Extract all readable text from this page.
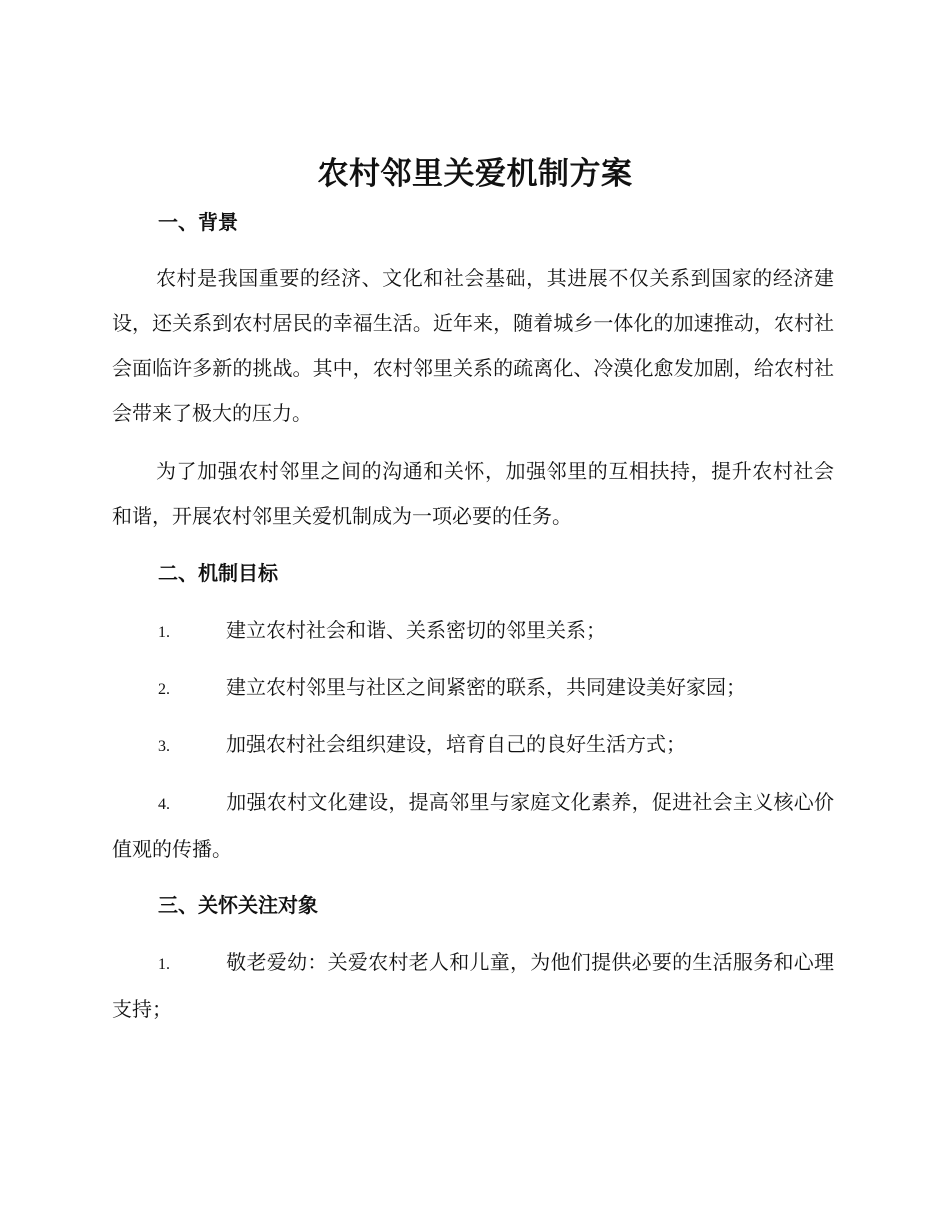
农村邻里关爱机制方案
一、背景
农村是我国重要的经济、文化和社会基础，其进展不仅关系到国家的经济建设，还关系到农村居民的幸福生活。近年来，随着城乡一体化的加速推动，农村社会面临许多新的挑战。其中，农村邻里关系的疏离化、冷漠化愈发加剧，给农村社会带来了极大的压力。
为了加强农村邻里之间的沟通和关怀，加强邻里的互相扶持，提升农村社会和谐，开展农村邻里关爱机制成为一项必要的任务。
二、机制目标
1.	建立农村社会和谐、关系密切的邻里关系；
2.	建立农村邻里与社区之间紧密的联系，共同建设美好家园；
3.	加强农村社会组织建设，培育自己的良好生活方式；
4.	加强农村文化建设，提高邻里与家庭文化素养，促进社会主义核心价值观的传播。
三、关怀关注对象
1.	敬老爱幼：关爱农村老人和儿童，为他们提供必要的生活服务和心理支持；
